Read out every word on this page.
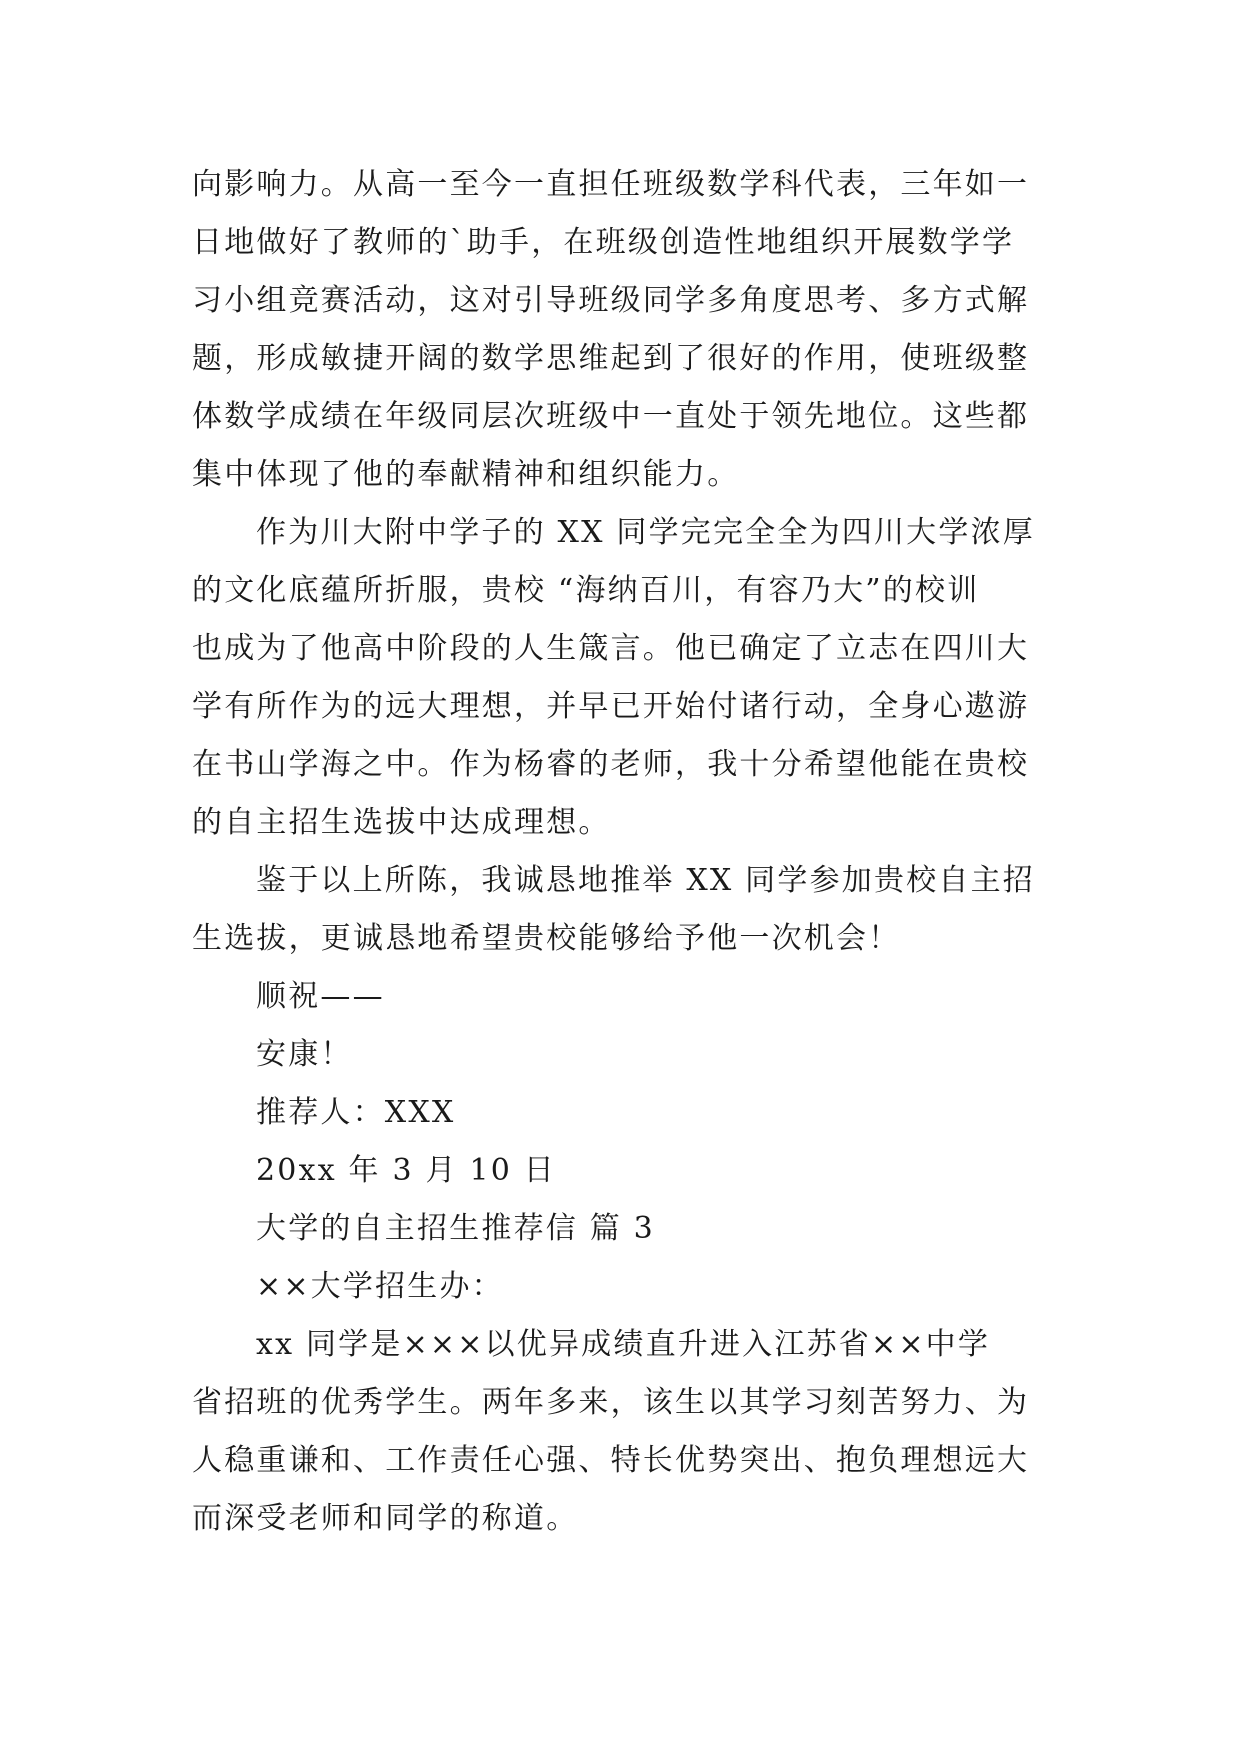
向影响力。从高一至今一直担任班级数学科代表，三年如一
日地做好了教师的`助手，在班级创造性地组织开展数学学
习小组竞赛活动，这对引导班级同学多角度思考、多方式解
题，形成敏捷开阔的数学思维起到了很好的作用，使班级整
体数学成绩在年级同层次班级中一直处于领先地位。这些都
集中体现了他的奉献精神和组织能力。
作为川大附中学子的 XX 同学完完全全为四川大学浓厚
的文化底蕴所折服，贵校 “海纳百川，有容乃大”的校训
也成为了他高中阶段的人生箴言。他已确定了立志在四川大
学有所作为的远大理想，并早已开始付诸行动，全身心遨游
在书山学海之中。作为杨睿的老师，我十分希望他能在贵校
的自主招生选拔中达成理想。
鉴于以上所陈，我诚恳地推举 XX 同学参加贵校自主招
生选拔，更诚恳地希望贵校能够给予他一次机会！
顺祝——
安康！
推荐人：XXX
20xx 年 3 月 10 日
大学的自主招生推荐信 篇 3
××大学招生办：
xx 同学是×××以优异成绩直升进入江苏省××中学
省招班的优秀学生。两年多来，该生以其学习刻苦努力、为
人稳重谦和、工作责任心强、特长优势突出、抱负理想远大
而深受老师和同学的称道。
